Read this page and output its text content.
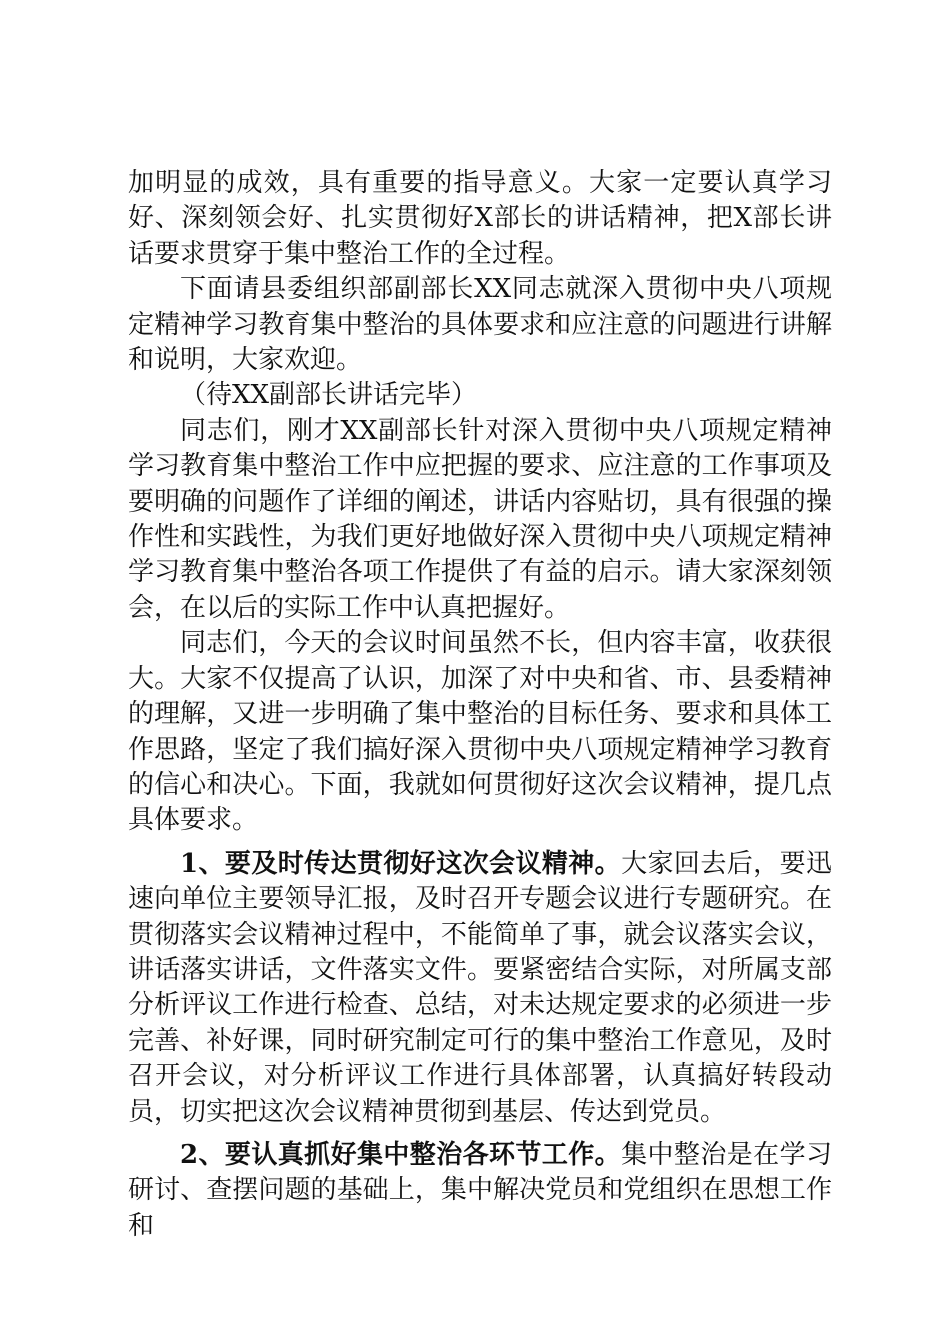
加明显的成效，具有重要的指导意义。大家一定要认真学习好、深刻领会好、扎实贯彻好X部长的讲话精神，把X部长讲话要求贯穿于集中整治工作的全过程。

下面请县委组织部副部长XX同志就深入贯彻中央八项规定精神学习教育集中整治的具体要求和应注意的问题进行讲解和说明，大家欢迎。

（待XX副部长讲话完毕）

同志们，刚才XX副部长针对深入贯彻中央八项规定精神学习教育集中整治工作中应把握的要求、应注意的工作事项及要明确的问题作了详细的阐述，讲话内容贴切，具有很强的操作性和实践性，为我们更好地做好深入贯彻中央八项规定精神学习教育集中整治各项工作提供了有益的启示。请大家深刻领会，在以后的实际工作中认真把握好。

同志们，今天的会议时间虽然不长，但内容丰富，收获很大。大家不仅提高了认识，加深了对中央和省、市、县委精神的理解，又进一步明确了集中整治的目标任务、要求和具体工作思路，坚定了我们搞好深入贯彻中央八项规定精神学习教育的信心和决心。下面，我就如何贯彻好这次会议精神，提几点具体要求。

1、要及时传达贯彻好这次会议精神。大家回去后，要迅速向单位主要领导汇报，及时召开专题会议进行专题研究。在贯彻落实会议精神过程中，不能简单了事，就会议落实会议，讲话落实讲话，文件落实文件。要紧密结合实际，对所属支部分析评议工作进行检查、总结，对未达规定要求的必须进一步完善、补好课，同时研究制定可行的集中整治工作意见，及时召开会议，对分析评议工作进行具体部署，认真搞好转段动员，切实把这次会议精神贯彻到基层、传达到党员。

2、要认真抓好集中整治各环节工作。集中整治是在学习研讨、查摆问题的基础上，集中解决党员和党组织在思想工作和
